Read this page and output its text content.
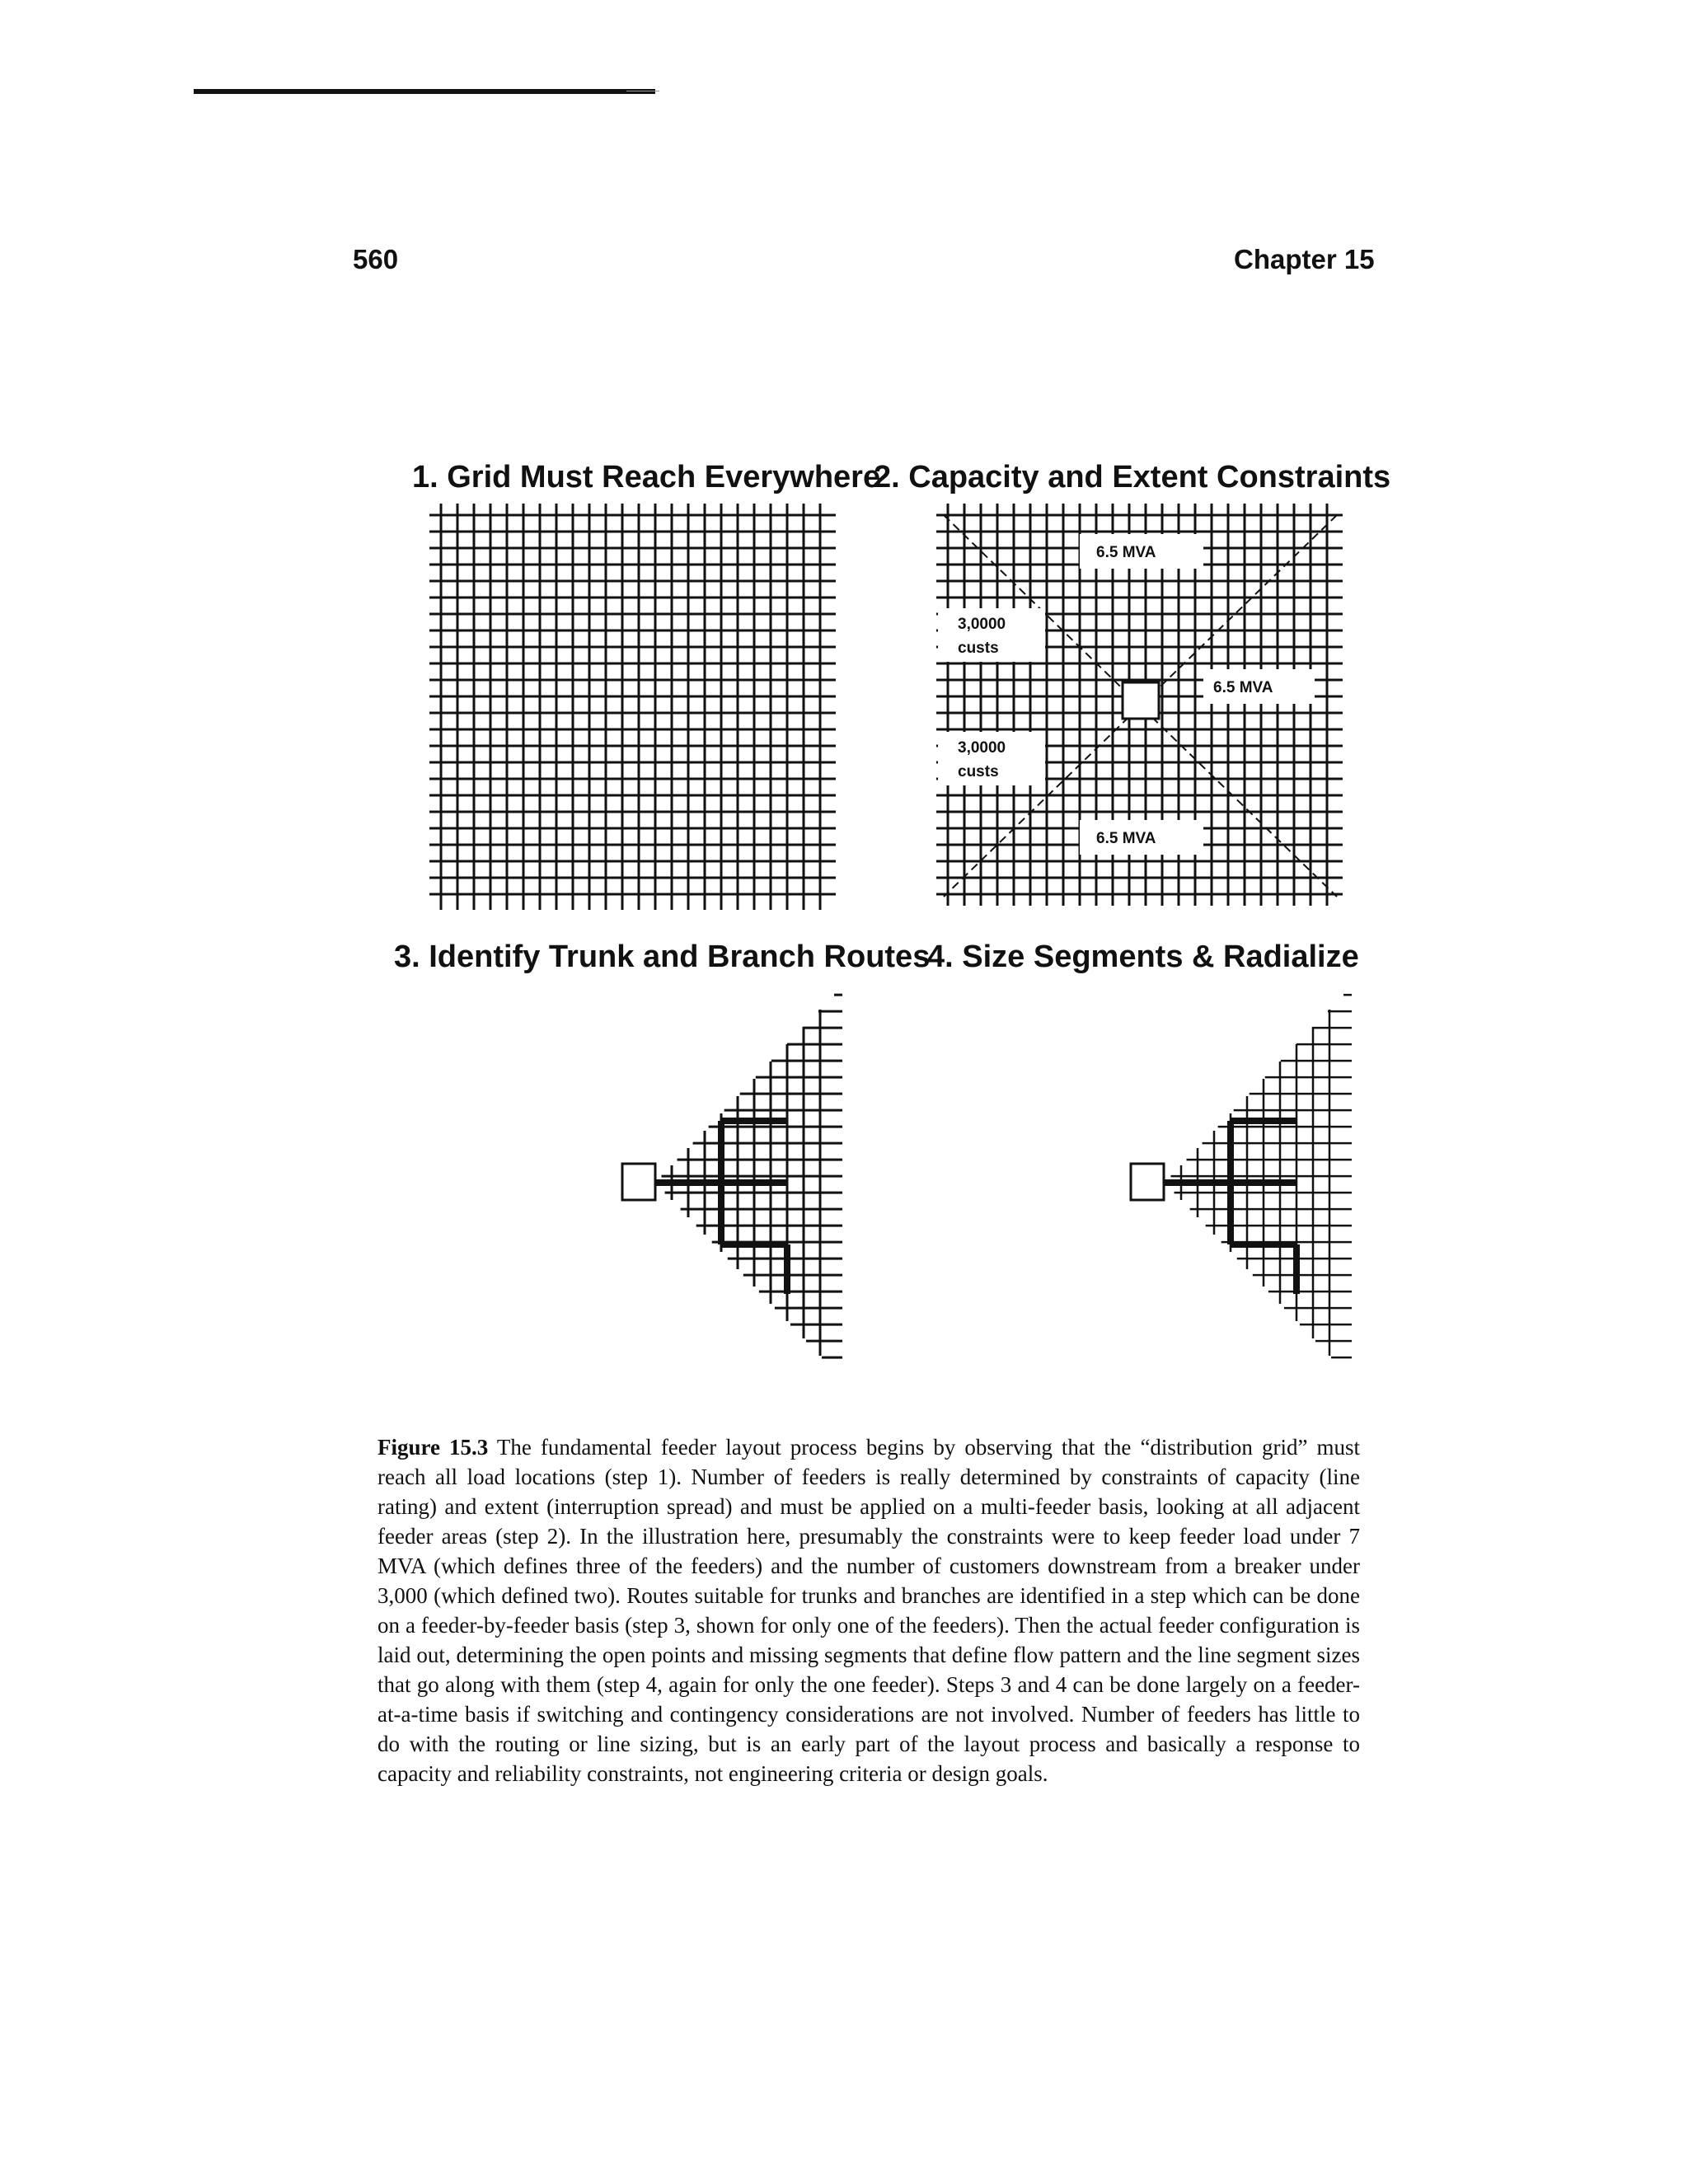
560	Chapter 15
1. Grid Must Reach Everywhere
2. Capacity and Extent Constraints
3. Identify Trunk and Branch Routes
4. Size Segments & Radialize
6.5 MVA
6.5 MVA
6.5 MVA
3,0000
custs
3,0000
custs
Figure 15.3 The fundamental feeder layout process begins by observing that the “distribution grid” must reach all load locations (step 1). Number of feeders is really determined by constraints of capacity (line rating) and extent (interruption spread) and must be applied on a multi-feeder basis, looking at all adjacent feeder areas (step 2). In the illustration here, presumably the constraints were to keep feeder load under 7 MVA (which defines three of the feeders) and the number of customers downstream from a breaker under 3,000 (which defined two). Routes suitable for trunks and branches are identified in a step which can be done on a feeder-by-feeder basis (step 3, shown for only one of the feeders). Then the actual feeder configuration is laid out, determining the open points and missing segments that define flow pattern and the line segment sizes that go along with them (step 4, again for only the one feeder). Steps 3 and 4 can be done largely on a feeder-at-a-time basis if switching and contingency considerations are not involved. Number of feeders has little to do with the routing or line sizing, but is an early part of the layout process and basically a response to capacity and reliability constraints, not engineering criteria or design goals.
